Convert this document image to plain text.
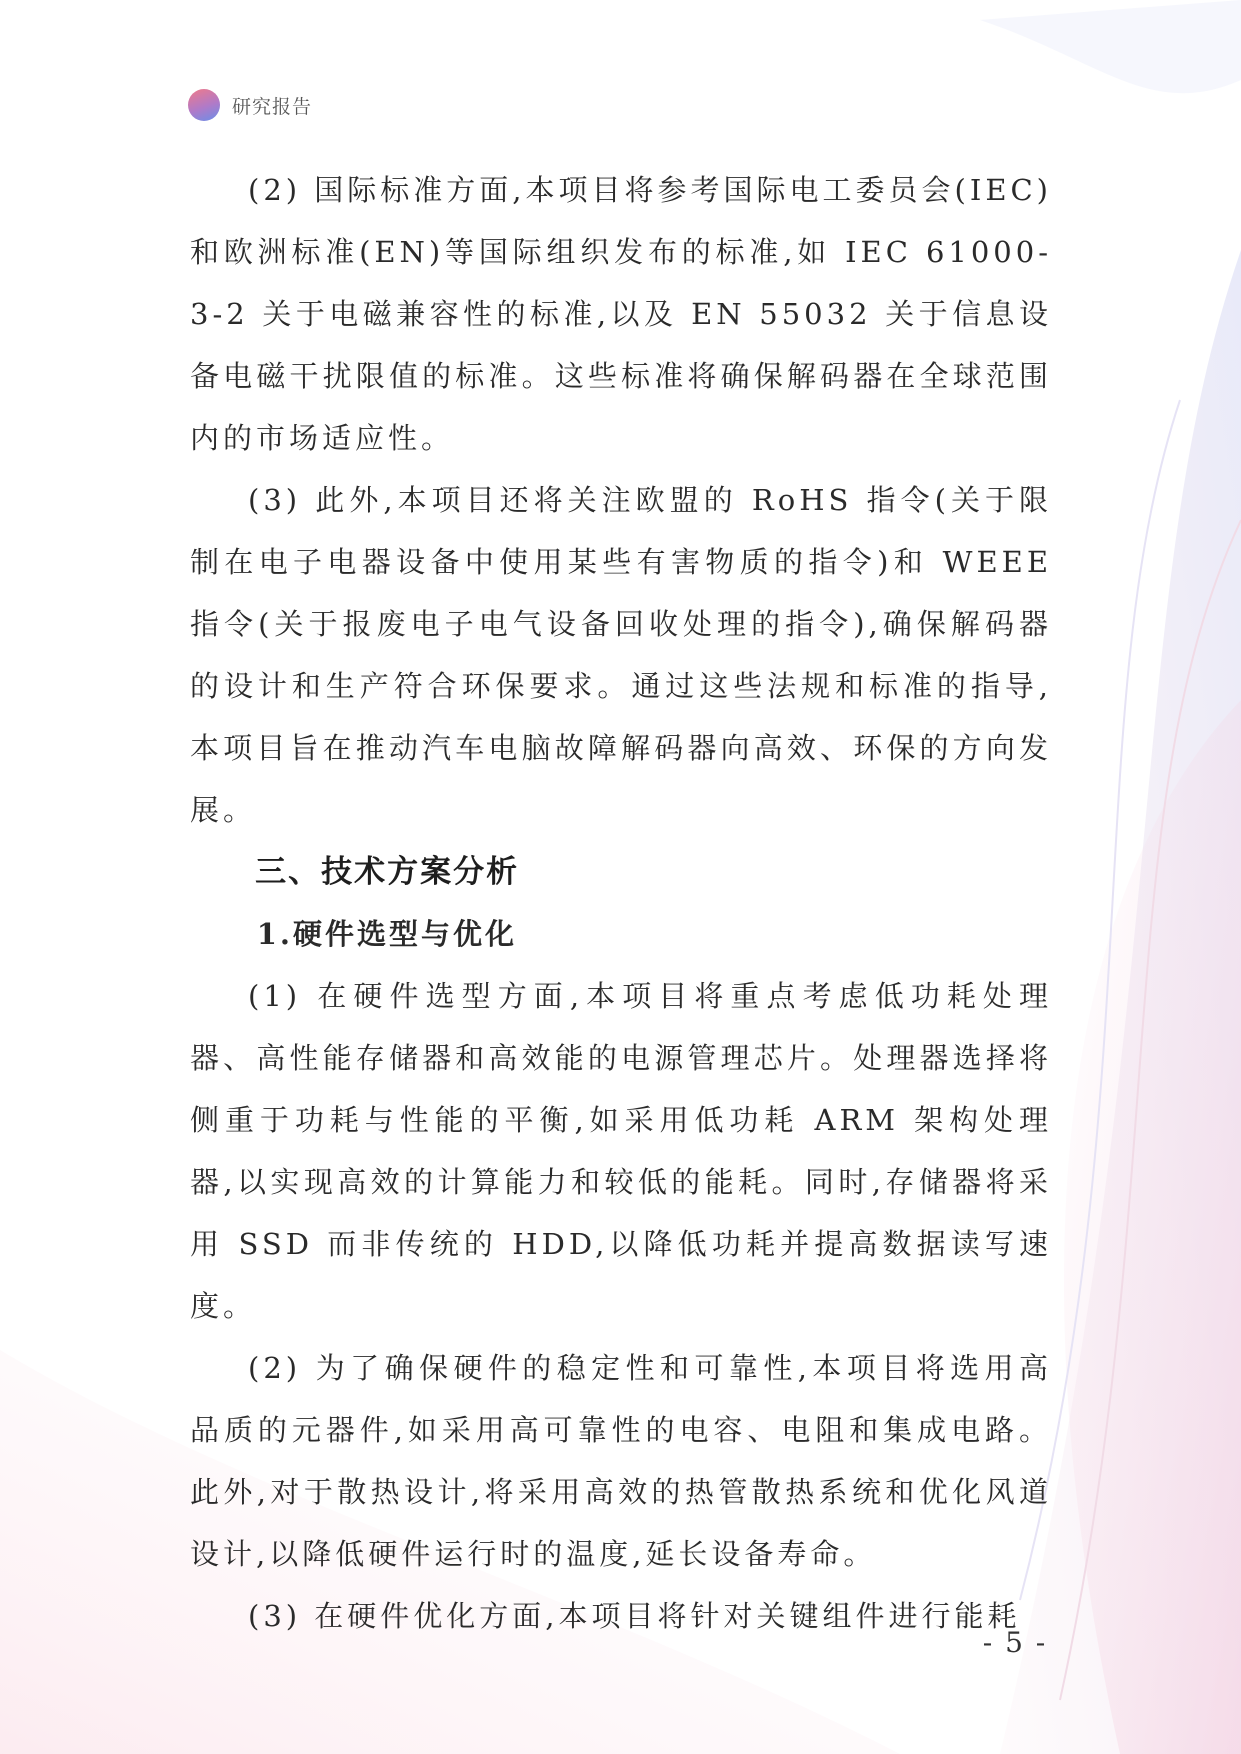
研究报告

(2) 国际标准方面,本项目将参考国际电工委员会(IEC)和欧洲标准(EN)等国际组织发布的标准,如 IEC 61000-3-2 关于电磁兼容性的标准,以及 EN 55032 关于信息设备电磁干扰限值的标准。这些标准将确保解码器在全球范围内的市场适应性。

(3) 此外,本项目还将关注欧盟的 RoHS 指令(关于限制在电子电器设备中使用某些有害物质的指令)和 WEEE 指令(关于报废电子电气设备回收处理的指令),确保解码器的设计和生产符合环保要求。通过这些法规和标准的指导,本项目旨在推动汽车电脑故障解码器向高效、环保的方向发展。

三、技术方案分析
1.硬件选型与优化

(1) 在硬件选型方面,本项目将重点考虑低功耗处理器、高性能存储器和高效能的电源管理芯片。处理器选择将侧重于功耗与性能的平衡,如采用低功耗 ARM 架构处理器,以实现高效的计算能力和较低的能耗。同时,存储器将采用 SSD 而非传统的 HDD,以降低功耗并提高数据读写速度。

(2) 为了确保硬件的稳定性和可靠性,本项目将选用高品质的元器件,如采用高可靠性的电容、电阻和集成电路。此外,对于散热设计,将采用高效的热管散热系统和优化风道设计,以降低硬件运行时的温度,延长设备寿命。

(3) 在硬件优化方面,本项目将针对关键组件进行能耗

- 5 -
